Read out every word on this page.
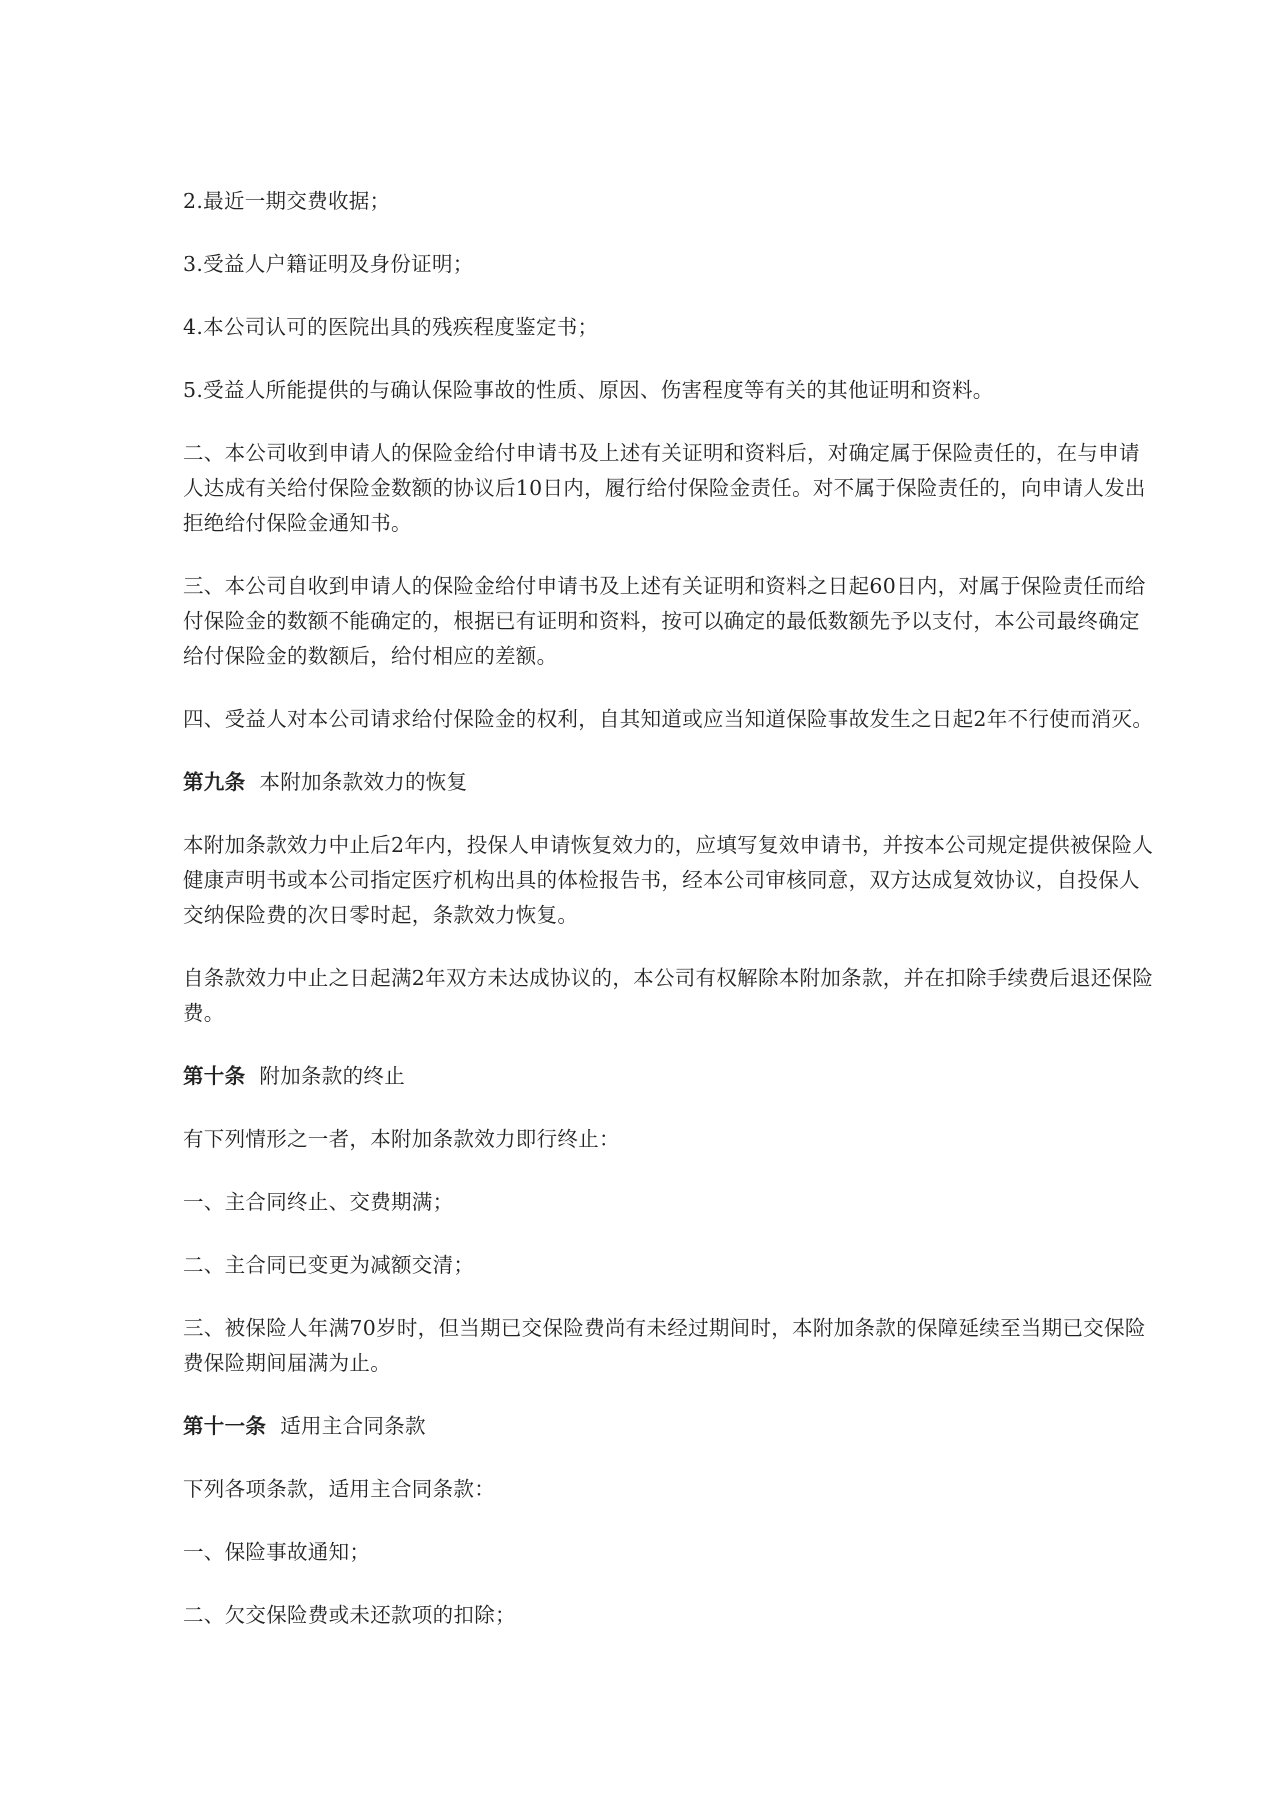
2.最近一期交费收据；

3.受益人户籍证明及身份证明；

4.本公司认可的医院出具的残疾程度鉴定书；

5.受益人所能提供的与确认保险事故的性质、原因、伤害程度等有关的其他证明和资料。

二、本公司收到申请人的保险金给付申请书及上述有关证明和资料后，对确定属于保险责任的，在与申请人达成有关给付保险金数额的协议后10日内，履行给付保险金责任。对不属于保险责任的，向申请人发出拒绝给付保险金通知书。

三、本公司自收到申请人的保险金给付申请书及上述有关证明和资料之日起60日内，对属于保险责任而给付保险金的数额不能确定的，根据已有证明和资料，按可以确定的最低数额先予以支付，本公司最终确定给付保险金的数额后，给付相应的差额。

四、受益人对本公司请求给付保险金的权利，自其知道或应当知道保险事故发生之日起2年不行使而消灭。

第九条 本附加条款效力的恢复

本附加条款效力中止后2年内，投保人申请恢复效力的，应填写复效申请书，并按本公司规定提供被保险人健康声明书或本公司指定医疗机构出具的体检报告书，经本公司审核同意，双方达成复效协议，自投保人交纳保险费的次日零时起，条款效力恢复。

自条款效力中止之日起满2年双方未达成协议的，本公司有权解除本附加条款，并在扣除手续费后退还保险费。

第十条 附加条款的终止

有下列情形之一者，本附加条款效力即行终止：

一、主合同终止、交费期满；

二、主合同已变更为减额交清；

三、被保险人年满70岁时，但当期已交保险费尚有未经过期间时，本附加条款的保障延续至当期已交保险费保险期间届满为止。

第十一条 适用主合同条款

下列各项条款，适用主合同条款：

一、保险事故通知；

二、欠交保险费或未还款项的扣除；
